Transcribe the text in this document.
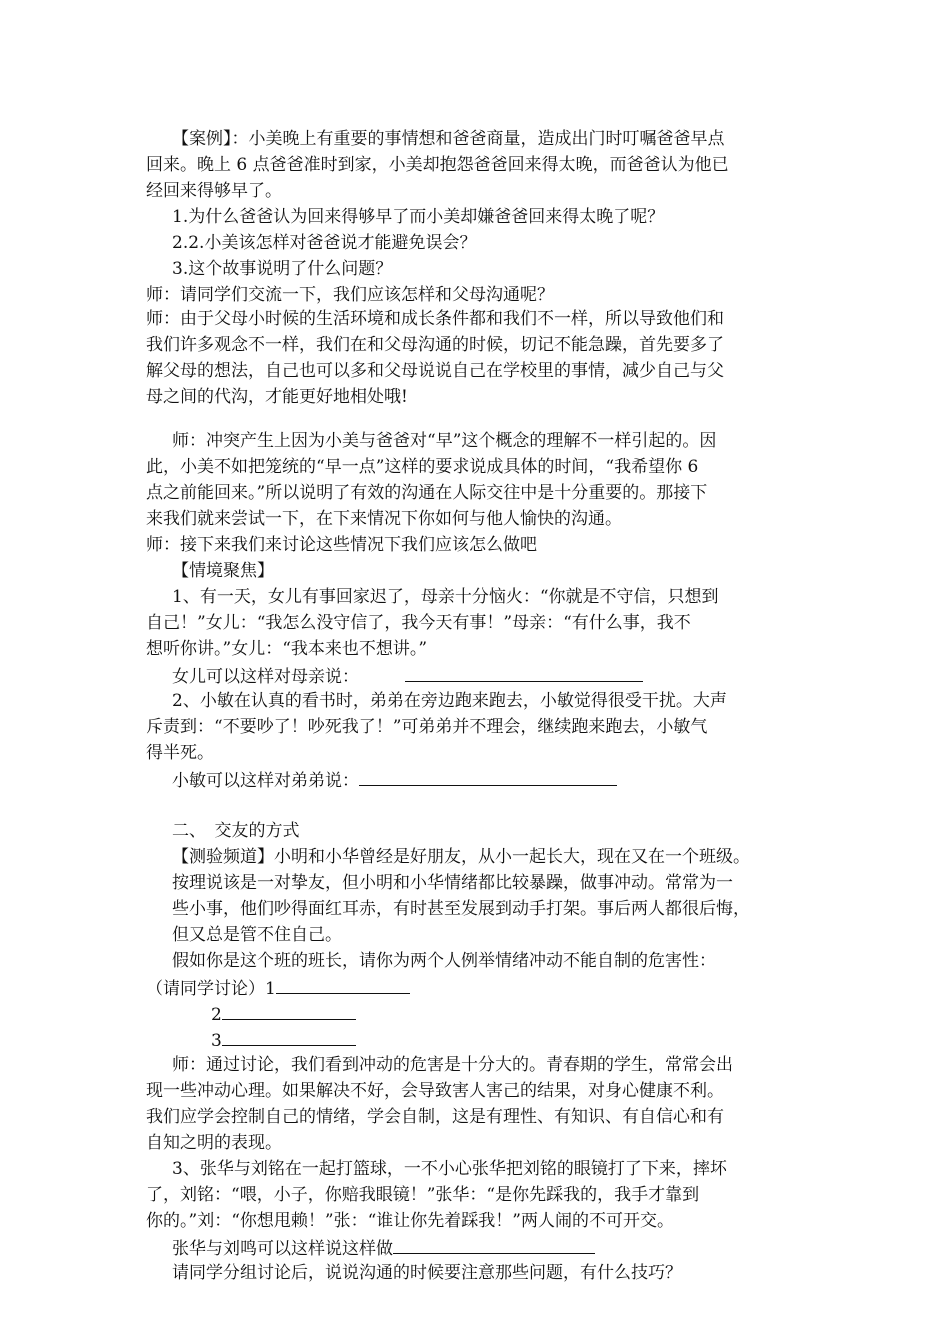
【案例】：小美晚上有重要的事情想和爸爸商量，造成出门时叮嘱爸爸早点
回来。晚上 6 点爸爸准时到家，小美却抱怨爸爸回来得太晚，而爸爸认为他已
经回来得够早了。
1.为什么爸爸认为回来得够早了而小美却嫌爸爸回来得太晚了呢？
2.2.小美该怎样对爸爸说才能避免误会？
3.这个故事说明了什么问题？
师：请同学们交流一下，我们应该怎样和父母沟通呢？
师：由于父母小时候的生活环境和成长条件都和我们不一样，所以导致他们和
我们许多观念不一样，我们在和父母沟通的时候，切记不能急躁，首先要多了
解父母的想法，自己也可以多和父母说说自己在学校里的事情，减少自己与父
母之间的代沟，才能更好地相处哦!
师：冲突产生上因为小美与爸爸对“早”这个概念的理解不一样引起的。因
此，小美不如把笼统的“早一点”这样的要求说成具体的时间，“我希望你 6
点之前能回来。”所以说明了有效的沟通在人际交往中是十分重要的。那接下
来我们就来尝试一下，在下来情况下你如何与他人愉快的沟通。
师：接下来我们来讨论这些情况下我们应该怎么做吧
【情境聚焦】
1、有一天，女儿有事回家迟了，母亲十分恼火：“你就是不守信，只想到
自己！”女儿：“我怎么没守信了，我今天有事！”母亲：“有什么事，我不
想听你讲。”女儿：“我本来也不想讲。”
女儿可以这样对母亲说：
2、小敏在认真的看书时，弟弟在旁边跑来跑去，小敏觉得很受干扰。大声
斥责到：“不要吵了！吵死我了！”可弟弟并不理会，继续跑来跑去，小敏气
得半死。
小敏可以这样对弟弟说：
二、　交友的方式
【测验频道】小明和小华曾经是好朋友，从小一起长大，现在又在一个班级。
按理说该是一对挚友，但小明和小华情绪都比较暴躁，做事冲动。常常为一
些小事，他们吵得面红耳赤，有时甚至发展到动手打架。事后两人都很后悔，
但又总是管不住自己。
假如你是这个班的班长，请你为两个人例举情绪冲动不能自制的危害性：
（请同学讨论）1
2
3
师：通过讨论，我们看到冲动的危害是十分大的。青春期的学生，常常会出
现一些冲动心理。如果解决不好，会导致害人害己的结果，对身心健康不利。
我们应学会控制自己的情绪，学会自制，这是有理性、有知识、有自信心和有
自知之明的表现。
3、张华与刘铭在一起打篮球，一不小心张华把刘铭的眼镜打了下来，摔坏
了，刘铭：“喂，小子，你赔我眼镜！”张华：“是你先踩我的，我手才靠到
你的。”刘：“你想甩赖！”张：“谁让你先着踩我！”两人闹的不可开交。
张华与刘鸣可以这样说这样做
请同学分组讨论后，说说沟通的时候要注意那些问题，有什么技巧？
